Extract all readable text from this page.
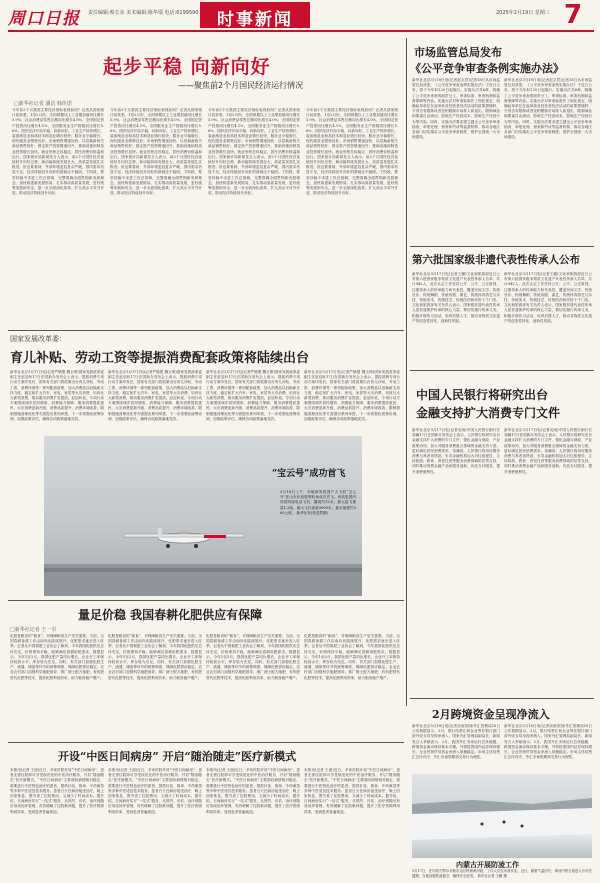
周口日报 责任编辑:蔡长东 美术编辑:陈华瑞 电话:6199590	时事新闻	2025年2月19日 星期三 7
起步平稳 向新向好
——聚焦前2个月国民经济运行情况
□新华社记者 潘洁 韩佳诺
今年前2个月我国主要经济指标表现如何？记者从国家统计局获悉，1至2月份，全国规模以上工业增加值同比增长5.9%，社会消费品零售总额同比增长4.0%，全国固定资产投资同比增长4.1%，全国服务业生产指数同比增长5.6%，国民经济开局平稳，向新向好。工业生产较快增长，装备制造业和高技术制造业增长较快；服务业平稳增长，现代服务业增势良好；市场销售增速加快，以旧换新相关商品销售较好；固定资产投资增速回升，基础设施和制造业投资增长加快。就业形势总体稳定，居民消费价格温和运行。国家统计局新闻发言人表示，前2个月国民经济延续回升向好态势，新动能持续发展壮大，高质量发展扎实推进。但也要看到，外部环境更趋复杂严峻，国内需求仍显不足，经济持续回升向好的基础还不稳固。下阶段，要坚持稳中求进工作总基调，完整准确全面贯彻新发展理念，加快构建新发展格局，扎实推动高质量发展，更好统筹发展和安全，进一步全面深化改革，扩大高水平对外开放，推动经济持续回升向好。
今年前2个月我国主要经济指标表现如何？记者从国家统计局获悉，1至2月份，全国规模以上工业增加值同比增长5.9%，社会消费品零售总额同比增长4.0%，全国固定资产投资同比增长4.1%，全国服务业生产指数同比增长5.6%，国民经济开局平稳，向新向好。工业生产较快增长，装备制造业和高技术制造业增长较快；服务业平稳增长，现代服务业增势良好；市场销售增速加快，以旧换新相关商品销售较好；固定资产投资增速回升，基础设施和制造业投资增长加快。就业形势总体稳定，居民消费价格温和运行。国家统计局新闻发言人表示，前2个月国民经济延续回升向好态势，新动能持续发展壮大，高质量发展扎实推进。但也要看到，外部环境更趋复杂严峻，国内需求仍显不足，经济持续回升向好的基础还不稳固。下阶段，要坚持稳中求进工作总基调，完整准确全面贯彻新发展理念，加快构建新发展格局，扎实推动高质量发展，更好统筹发展和安全，进一步全面深化改革，扩大高水平对外开放，推动经济持续回升向好。
今年前2个月我国主要经济指标表现如何？记者从国家统计局获悉，1至2月份，全国规模以上工业增加值同比增长5.9%，社会消费品零售总额同比增长4.0%，全国固定资产投资同比增长4.1%，全国服务业生产指数同比增长5.6%，国民经济开局平稳，向新向好。工业生产较快增长，装备制造业和高技术制造业增长较快；服务业平稳增长，现代服务业增势良好；市场销售增速加快，以旧换新相关商品销售较好；固定资产投资增速回升，基础设施和制造业投资增长加快。就业形势总体稳定，居民消费价格温和运行。国家统计局新闻发言人表示，前2个月国民经济延续回升向好态势，新动能持续发展壮大，高质量发展扎实推进。但也要看到，外部环境更趋复杂严峻，国内需求仍显不足，经济持续回升向好的基础还不稳固。下阶段，要坚持稳中求进工作总基调，完整准确全面贯彻新发展理念，加快构建新发展格局，扎实推动高质量发展，更好统筹发展和安全，进一步全面深化改革，扩大高水平对外开放，推动经济持续回升向好。
今年前2个月我国主要经济指标表现如何？记者从国家统计局获悉，1至2月份，全国规模以上工业增加值同比增长5.9%，社会消费品零售总额同比增长4.0%，全国固定资产投资同比增长4.1%，全国服务业生产指数同比增长5.6%，国民经济开局平稳，向新向好。工业生产较快增长，装备制造业和高技术制造业增长较快；服务业平稳增长，现代服务业增势良好；市场销售增速加快，以旧换新相关商品销售较好；固定资产投资增速回升，基础设施和制造业投资增长加快。就业形势总体稳定，居民消费价格温和运行。国家统计局新闻发言人表示，前2个月国民经济延续回升向好态势，新动能持续发展壮大，高质量发展扎实推进。但也要看到，外部环境更趋复杂严峻，国内需求仍显不足，经济持续回升向好的基础还不稳固。下阶段，要坚持稳中求进工作总基调，完整准确全面贯彻新发展理念，加快构建新发展格局，扎实推动高质量发展，更好统筹发展和安全，进一步全面深化改革，扩大高水平对外开放，推动经济持续回升向好。
市场监管总局发布
《公平竞争审查条例实施办法》
新华社北京3月18日电(记者赵文君)记者18日从市场监管总局获悉，《公平竞争审查条例实施办法》于近日公布，将于今年4月20日起施行。实施办法共6章，明确了公平竞争审查的职责分工、审查标准、审查机制和监督保障等内容。实施办法对审查标准作了细化规定，明确起草单位在起草涉及经营者经济活动的政策措施时，不得含有限制或者变相限制市场准入和退出、限制商品和要素自由流动、影响生产经营成本、影响生产经营行为等内容。同时，实施办法要求建立健全公平竞争审查抽查、举报处理、督查和约谈等监督机制，推动各地区各部门切实落实公平竞争审查制度，维护全国统一大市场建设。
新华社北京3月18日电(记者赵文君)记者18日从市场监管总局获悉，《公平竞争审查条例实施办法》于近日公布，将于今年4月20日起施行。实施办法共6章，明确了公平竞争审查的职责分工、审查标准、审查机制和监督保障等内容。实施办法对审查标准作了细化规定，明确起草单位在起草涉及经营者经济活动的政策措施时，不得含有限制或者变相限制市场准入和退出、限制商品和要素自由流动、影响生产经营成本、影响生产经营行为等内容。同时，实施办法要求建立健全公平竞争审查抽查、举报处理、督查和约谈等监督机制，推动各地区各部门切实落实公平竞争审查制度，维护全国统一大市场建设。
第六批国家级非遗代表性传承人公布
新华社北京3月17日电(记者王鹏)文化和旅游部近日公布第六批国家级非物质文化遗产代表性传承人名单，共计942人。此次认定工作坚持公开、公平、公正原则，注重传承人的传承能力和代表性，覆盖民间文学、传统音乐、传统舞蹈、传统戏剧、曲艺、传统体育游艺与杂技、传统美术、传统技艺、传统医药和民俗十个门类。文化和旅游部有关负责人表示，国家级非遗代表性传承人是非遗保护传承的核心力量，要切实履行传承义务，积极开展传习活动，培养后继人才，推动非物质文化遗产的创造性转化、创新性发展。
新华社北京3月17日电(记者王鹏)文化和旅游部近日公布第六批国家级非物质文化遗产代表性传承人名单，共计942人。此次认定工作坚持公开、公平、公正原则，注重传承人的传承能力和代表性，覆盖民间文学、传统音乐、传统舞蹈、传统戏剧、曲艺、传统体育游艺与杂技、传统美术、传统技艺、传统医药和民俗十个门类。文化和旅游部有关负责人表示，国家级非遗代表性传承人是非遗保护传承的核心力量，要切实履行传承义务，积极开展传习活动，培养后继人才，推动非物质文化遗产的创造性转化、创新性发展。
国家发展改革委：
育儿补贴、劳动工资等提振消费配套政策将陆续出台
新华社北京3月17日电(记者严赋憬 魏玉坤)国家发展改革委副主任赵辰昕17日在国新办发布会上表示，提振消费专项行动方案印发后，国家有关部门将抓紧出台育儿补贴、劳动工资、消费环境等一系列配套政策，加大消费品以旧换新支持力度，稳定和扩大汽车、家电、家居等大宗消费，培育壮大新型消费，推动服务消费扩容提质。赵辰昕说，专项行动方案围绕城乡居民增收、消费能力保障、服务消费提质惠民、大宗消费更新升级、消费品质提升、消费环境改善、限制措施清理优化等方面提出系列举措，下一步将强化统筹协调，加强政策评估，确保各项政策落地见效。
新华社北京3月17日电(记者严赋憬 魏玉坤)国家发展改革委副主任赵辰昕17日在国新办发布会上表示，提振消费专项行动方案印发后，国家有关部门将抓紧出台育儿补贴、劳动工资、消费环境等一系列配套政策，加大消费品以旧换新支持力度，稳定和扩大汽车、家电、家居等大宗消费，培育壮大新型消费，推动服务消费扩容提质。赵辰昕说，专项行动方案围绕城乡居民增收、消费能力保障、服务消费提质惠民、大宗消费更新升级、消费品质提升、消费环境改善、限制措施清理优化等方面提出系列举措，下一步将强化统筹协调，加强政策评估，确保各项政策落地见效。
新华社北京3月17日电(记者严赋憬 魏玉坤)国家发展改革委副主任赵辰昕17日在国新办发布会上表示，提振消费专项行动方案印发后，国家有关部门将抓紧出台育儿补贴、劳动工资、消费环境等一系列配套政策，加大消费品以旧换新支持力度，稳定和扩大汽车、家电、家居等大宗消费，培育壮大新型消费，推动服务消费扩容提质。赵辰昕说，专项行动方案围绕城乡居民增收、消费能力保障、服务消费提质惠民、大宗消费更新升级、消费品质提升、消费环境改善、限制措施清理优化等方面提出系列举措，下一步将强化统筹协调，加强政策评估，确保各项政策落地见效。
新华社北京3月17日电(记者严赋憬 魏玉坤)国家发展改革委副主任赵辰昕17日在国新办发布会上表示，提振消费专项行动方案印发后，国家有关部门将抓紧出台育儿补贴、劳动工资、消费环境等一系列配套政策，加大消费品以旧换新支持力度，稳定和扩大汽车、家电、家居等大宗消费，培育壮大新型消费，推动服务消费扩容提质。赵辰昕说，专项行动方案围绕城乡居民增收、消费能力保障、服务消费提质惠民、大宗消费更新升级、消费品质提升、消费环境改善、限制措施清理优化等方面提出系列举措，下一步将强化统筹协调，加强政策评估，确保各项政策落地见效。
“宝云号”成功首飞
3月18日上午，东航研发的国产大飞机“宝云号”在山东东营胜利机场成功首飞。该机是国内首款四座电动飞机，翼展约12米，最大起飞重量1.2吨，最大飞行高度3000米，最大航程约300公里。 新华社发(张浩然摄)
中国人民银行将研究出台
金融支持扩大消费专门文件
新华社北京3月17日电(记者吴雨)中国人民银行副行长邹澜17日在国新办发布会上表示，人民银行将研究出台金融支持扩大消费的专门文件，强化金融与财政、产业政策协同，加大对服务消费重点领域的金融支持力度，更好满足居民消费需求。邹澜说，人民银行将用好服务消费与养老再贷款，引导金融机构加大对住宿餐饮、文体旅游、教育、养老托育等服务消费领域的信贷支持，同时推动消费金融产品和服务创新，优化支付服务，提升消费便利性。
新华社北京3月17日电(记者吴雨)中国人民银行副行长邹澜17日在国新办发布会上表示，人民银行将研究出台金融支持扩大消费的专门文件，强化金融与财政、产业政策协同，加大对服务消费重点领域的金融支持力度，更好满足居民消费需求。邹澜说，人民银行将用好服务消费与养老再贷款，引导金融机构加大对住宿餐饮、文体旅游、教育、养老托育等服务消费领域的信贷支持，同时推动消费金融产品和服务创新，优化支付服务，提升消费便利性。
量足价稳 我国春耕化肥供应有保障
□新华社记者 王一卓
化肥是粮食的“粮食”，对保障粮食生产至关重要。当前，全国春耕备耕工作由南向北陆续展开，化肥需求逐步进入旺季。记者从中国氮肥工业协会了解到，今年我国化肥供应总体充足，价格保持平稳，能够满足春耕用肥需求。数据显示，今年1至2月，我国化肥产量同比增长，企业开工率保持较高水平，库存较为充足。同时，有关部门加强化肥生产、流通、储备等环节的统筹调度，保障化肥供应稳定。农业农村部门加强科学施肥指导，推广测土配方施肥、有机肥替代化肥等技术，提高化肥利用效率，助力粮食稳产增产。
化肥是粮食的“粮食”，对保障粮食生产至关重要。当前，全国春耕备耕工作由南向北陆续展开，化肥需求逐步进入旺季。记者从中国氮肥工业协会了解到，今年我国化肥供应总体充足，价格保持平稳，能够满足春耕用肥需求。数据显示，今年1至2月，我国化肥产量同比增长，企业开工率保持较高水平，库存较为充足。同时，有关部门加强化肥生产、流通、储备等环节的统筹调度，保障化肥供应稳定。农业农村部门加强科学施肥指导，推广测土配方施肥、有机肥替代化肥等技术，提高化肥利用效率，助力粮食稳产增产。
化肥是粮食的“粮食”，对保障粮食生产至关重要。当前，全国春耕备耕工作由南向北陆续展开，化肥需求逐步进入旺季。记者从中国氮肥工业协会了解到，今年我国化肥供应总体充足，价格保持平稳，能够满足春耕用肥需求。数据显示，今年1至2月，我国化肥产量同比增长，企业开工率保持较高水平，库存较为充足。同时，有关部门加强化肥生产、流通、储备等环节的统筹调度，保障化肥供应稳定。农业农村部门加强科学施肥指导，推广测土配方施肥、有机肥替代化肥等技术，提高化肥利用效率，助力粮食稳产增产。
化肥是粮食的“粮食”，对保障粮食生产至关重要。当前，全国春耕备耕工作由南向北陆续展开，化肥需求逐步进入旺季。记者从中国氮肥工业协会了解到，今年我国化肥供应总体充足，价格保持平稳，能够满足春耕用肥需求。数据显示，今年1至2月，我国化肥产量同比增长，企业开工率保持较高水平，库存较为充足。同时，有关部门加强化肥生产、流通、储备等环节的统筹调度，保障化肥供应稳定。农业农村部门加强科学施肥指导，推广测土配方施肥、有机肥替代化肥等技术，提高化肥利用效率，助力粮食稳产增产。
2月跨境资金呈现净流入
新华社北京3月18日电(记者吴雨)国家外汇管理局18日公布数据显示，2月，银行结售汇和企业等非银行部门涉外收支均呈现净流入。国家外汇管理局副局长、新闻发言人李斌表示，2月，我国外汇市场运行总体稳健，跨境资金流动保持基本平衡。外资投资国内证券保持增长，企业货物贸易资金净流入规模稳定。市场主体结售汇总体有序，外汇市场预期和交易行为理性。
新华社北京3月18日电(记者吴雨)国家外汇管理局18日公布数据显示，2月，银行结售汇和企业等非银行部门涉外收支均呈现净流入。国家外汇管理局副局长、新闻发言人李斌表示，2月，我国外汇市场运行总体稳健，跨境资金流动保持基本平衡。外资投资国内证券保持增长，企业货物贸易资金净流入规模稳定。市场主体结售汇总体有序，外汇市场预期和交易行为理性。
开设“中医日间病房” 开启“随治随走”医疗新模式
本报讯(记者 王丽)近日，多家医院开设“中医日间病房”，患者无需住院即可享受规范化的中医治疗服务，开启“随治随走”医疗新模式。“中医日间病房”主要面向病情相对稳定、需要进行中医特色治疗的患者，提供针灸、推拿、中药熏蒸等多种中医适宜技术服务。患者白天在病房接受治疗，晚上回家休息，既节省了住院费用，又减少了时间成本。据介绍，日间病房实行“一站式”服务，从预约、评估、治疗到随访形成闭环管理，有效缓解了住院难问题，提升了医疗资源利用效率，受到患者普遍欢迎。
本报讯(记者 王丽)近日，多家医院开设“中医日间病房”，患者无需住院即可享受规范化的中医治疗服务，开启“随治随走”医疗新模式。“中医日间病房”主要面向病情相对稳定、需要进行中医特色治疗的患者，提供针灸、推拿、中药熏蒸等多种中医适宜技术服务。患者白天在病房接受治疗，晚上回家休息，既节省了住院费用，又减少了时间成本。据介绍，日间病房实行“一站式”服务，从预约、评估、治疗到随访形成闭环管理，有效缓解了住院难问题，提升了医疗资源利用效率，受到患者普遍欢迎。
本报讯(记者 王丽)近日，多家医院开设“中医日间病房”，患者无需住院即可享受规范化的中医治疗服务，开启“随治随走”医疗新模式。“中医日间病房”主要面向病情相对稳定、需要进行中医特色治疗的患者，提供针灸、推拿、中药熏蒸等多种中医适宜技术服务。患者白天在病房接受治疗，晚上回家休息，既节省了住院费用，又减少了时间成本。据介绍，日间病房实行“一站式”服务，从预约、评估、治疗到随访形成闭环管理，有效缓解了住院难问题，提升了医疗资源利用效率，受到患者普遍欢迎。
本报讯(记者 王丽)近日，多家医院开设“中医日间病房”，患者无需住院即可享受规范化的中医治疗服务，开启“随治随走”医疗新模式。“中医日间病房”主要面向病情相对稳定、需要进行中医特色治疗的患者，提供针灸、推拿、中药熏蒸等多种中医适宜技术服务。患者白天在病房接受治疗，晚上回家休息，既节省了住院费用，又减少了时间成本。据介绍，日间病房实行“一站式”服务，从预约、评估、治疗到随访形成闭环管理，有效缓解了住院难问题，提升了医疗资源利用效率，受到患者普遍欢迎。
内蒙古开展防凌工作
3月17日，在内蒙古鄂尔多斯市达拉特旗黄河段，工作人员在冰面作业。近日，随着气温回升，黄河内蒙古段进入开河关键期，当地加强防凌值守，确保安全度汛。 新华社记者 王鹏 摄
